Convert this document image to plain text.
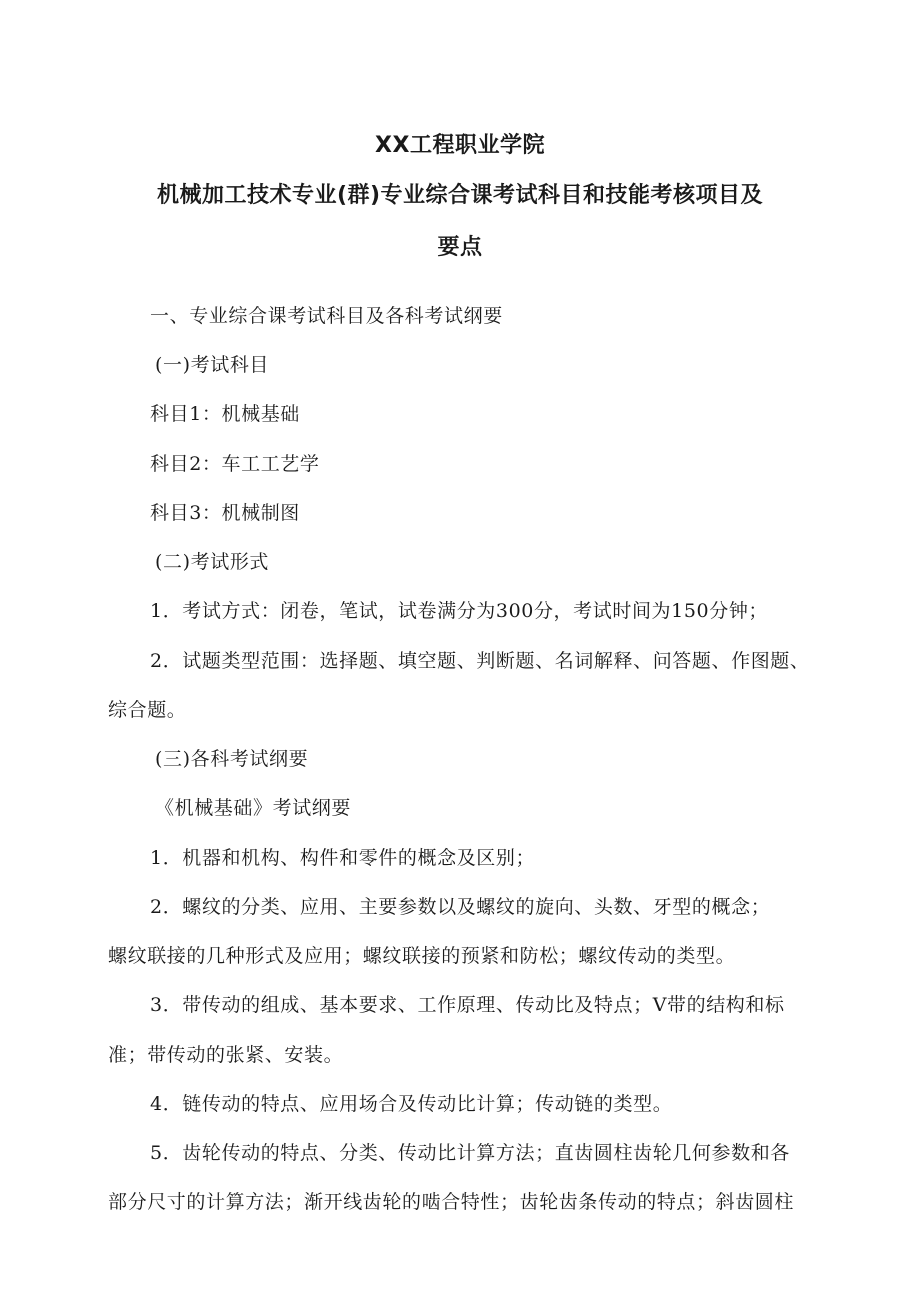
XX工程职业学院
机械加工技术专业(群)专业综合课考试科目和技能考核项目及
要点
一、专业综合课考试科目及各科考试纲要
(一)考试科目
科目1：机械基础
科目2：车工工艺学
科目3：机械制图
(二)考试形式
1．考试方式：闭卷，笔试，试卷满分为300分，考试时间为150分钟；
2．试题类型范围：选择题、填空题、判断题、名词解释、问答题、作图题、
综合题。
(三)各科考试纲要
《机械基础》考试纲要
1．机器和机构、构件和零件的概念及区别；
2．螺纹的分类、应用、主要参数以及螺纹的旋向、头数、牙型的概念；
螺纹联接的几种形式及应用；螺纹联接的预紧和防松；螺纹传动的类型。
3．带传动的组成、基本要求、工作原理、传动比及特点；V带的结构和标
准；带传动的张紧、安装。
4．链传动的特点、应用场合及传动比计算；传动链的类型。
5．齿轮传动的特点、分类、传动比计算方法；直齿圆柱齿轮几何参数和各
部分尺寸的计算方法；渐开线齿轮的啮合特性；齿轮齿条传动的特点；斜齿圆柱
